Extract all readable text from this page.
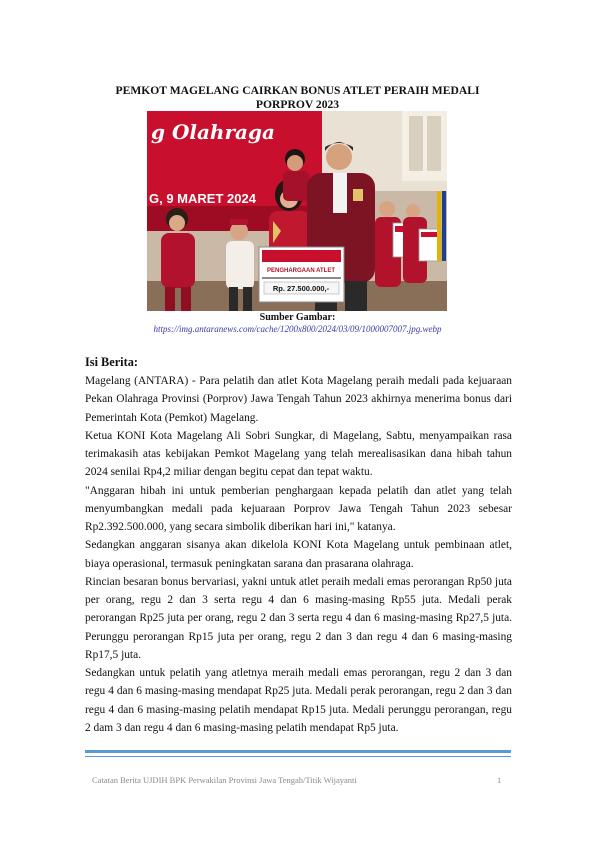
PEMKOT MAGELANG CAIRKAN BONUS ATLET PERAIH MEDALI
PORPROV 2023
g Olahraga
G, 9 MARET 2024
PENGHARGAAN ATLET
Rp. 27.500.000,-
Sumber Gambar:
https://img.antaranews.com/cache/1200x800/2024/03/09/1000007007.jpg.webp
Isi Berita:

Magelang (ANTARA) - Para pelatih dan atlet Kota Magelang peraih medali pada kejuaraan Pekan Olahraga Provinsi (Porprov) Jawa Tengah Tahun 2023 akhirnya menerima bonus dari Pemerintah Kota (Pemkot) Magelang.

Ketua KONI Kota Magelang Ali Sobri Sungkar, di Magelang, Sabtu, menyampaikan rasa terimakasih atas kebijakan Pemkot Magelang yang telah merealisasikan dana hibah tahun 2024 senilai Rp4,2 miliar dengan begitu cepat dan tepat waktu.

"Anggaran hibah ini untuk pemberian penghargaan kepada pelatih dan atlet yang telah menyumbangkan medali pada kejuaraan Porprov Jawa Tengah Tahun 2023 sebesar Rp2.392.500.000, yang secara simbolik diberikan hari ini," katanya.

Sedangkan anggaran sisanya akan dikelola KONI Kota Magelang untuk pembinaan atlet, biaya operasional, termasuk peningkatan sarana dan prasarana olahraga.

Rincian besaran bonus bervariasi, yakni untuk atlet peraih medali emas perorangan Rp50 juta per orang, regu 2 dan 3 serta regu 4 dan 6 masing-masing Rp55 juta. Medali perak perorangan Rp25 juta per orang, regu 2 dan 3 serta regu 4 dan 6 masing-masing Rp27,5 juta. Perunggu perorangan Rp15 juta per orang, regu 2 dan 3 dan regu 4 dan 6 masing-masing Rp17,5 juta.

Sedangkan untuk pelatih yang atletnya meraih medali emas perorangan, regu 2 dan 3 dan regu 4 dan 6 masing-masing mendapat Rp25 juta. Medali perak perorangan, regu 2 dan 3 dan regu 4 dan 6 masing-masing pelatih mendapat Rp15 juta. Medali perunggu perorangan, regu 2 dam 3 dan regu 4 dan 6 masing-masing pelatih mendapat Rp5 juta.

Catatan Berita UJDIH BPK Perwakilan Provinsi Jawa Tengah/Titik Wijayanti	1
